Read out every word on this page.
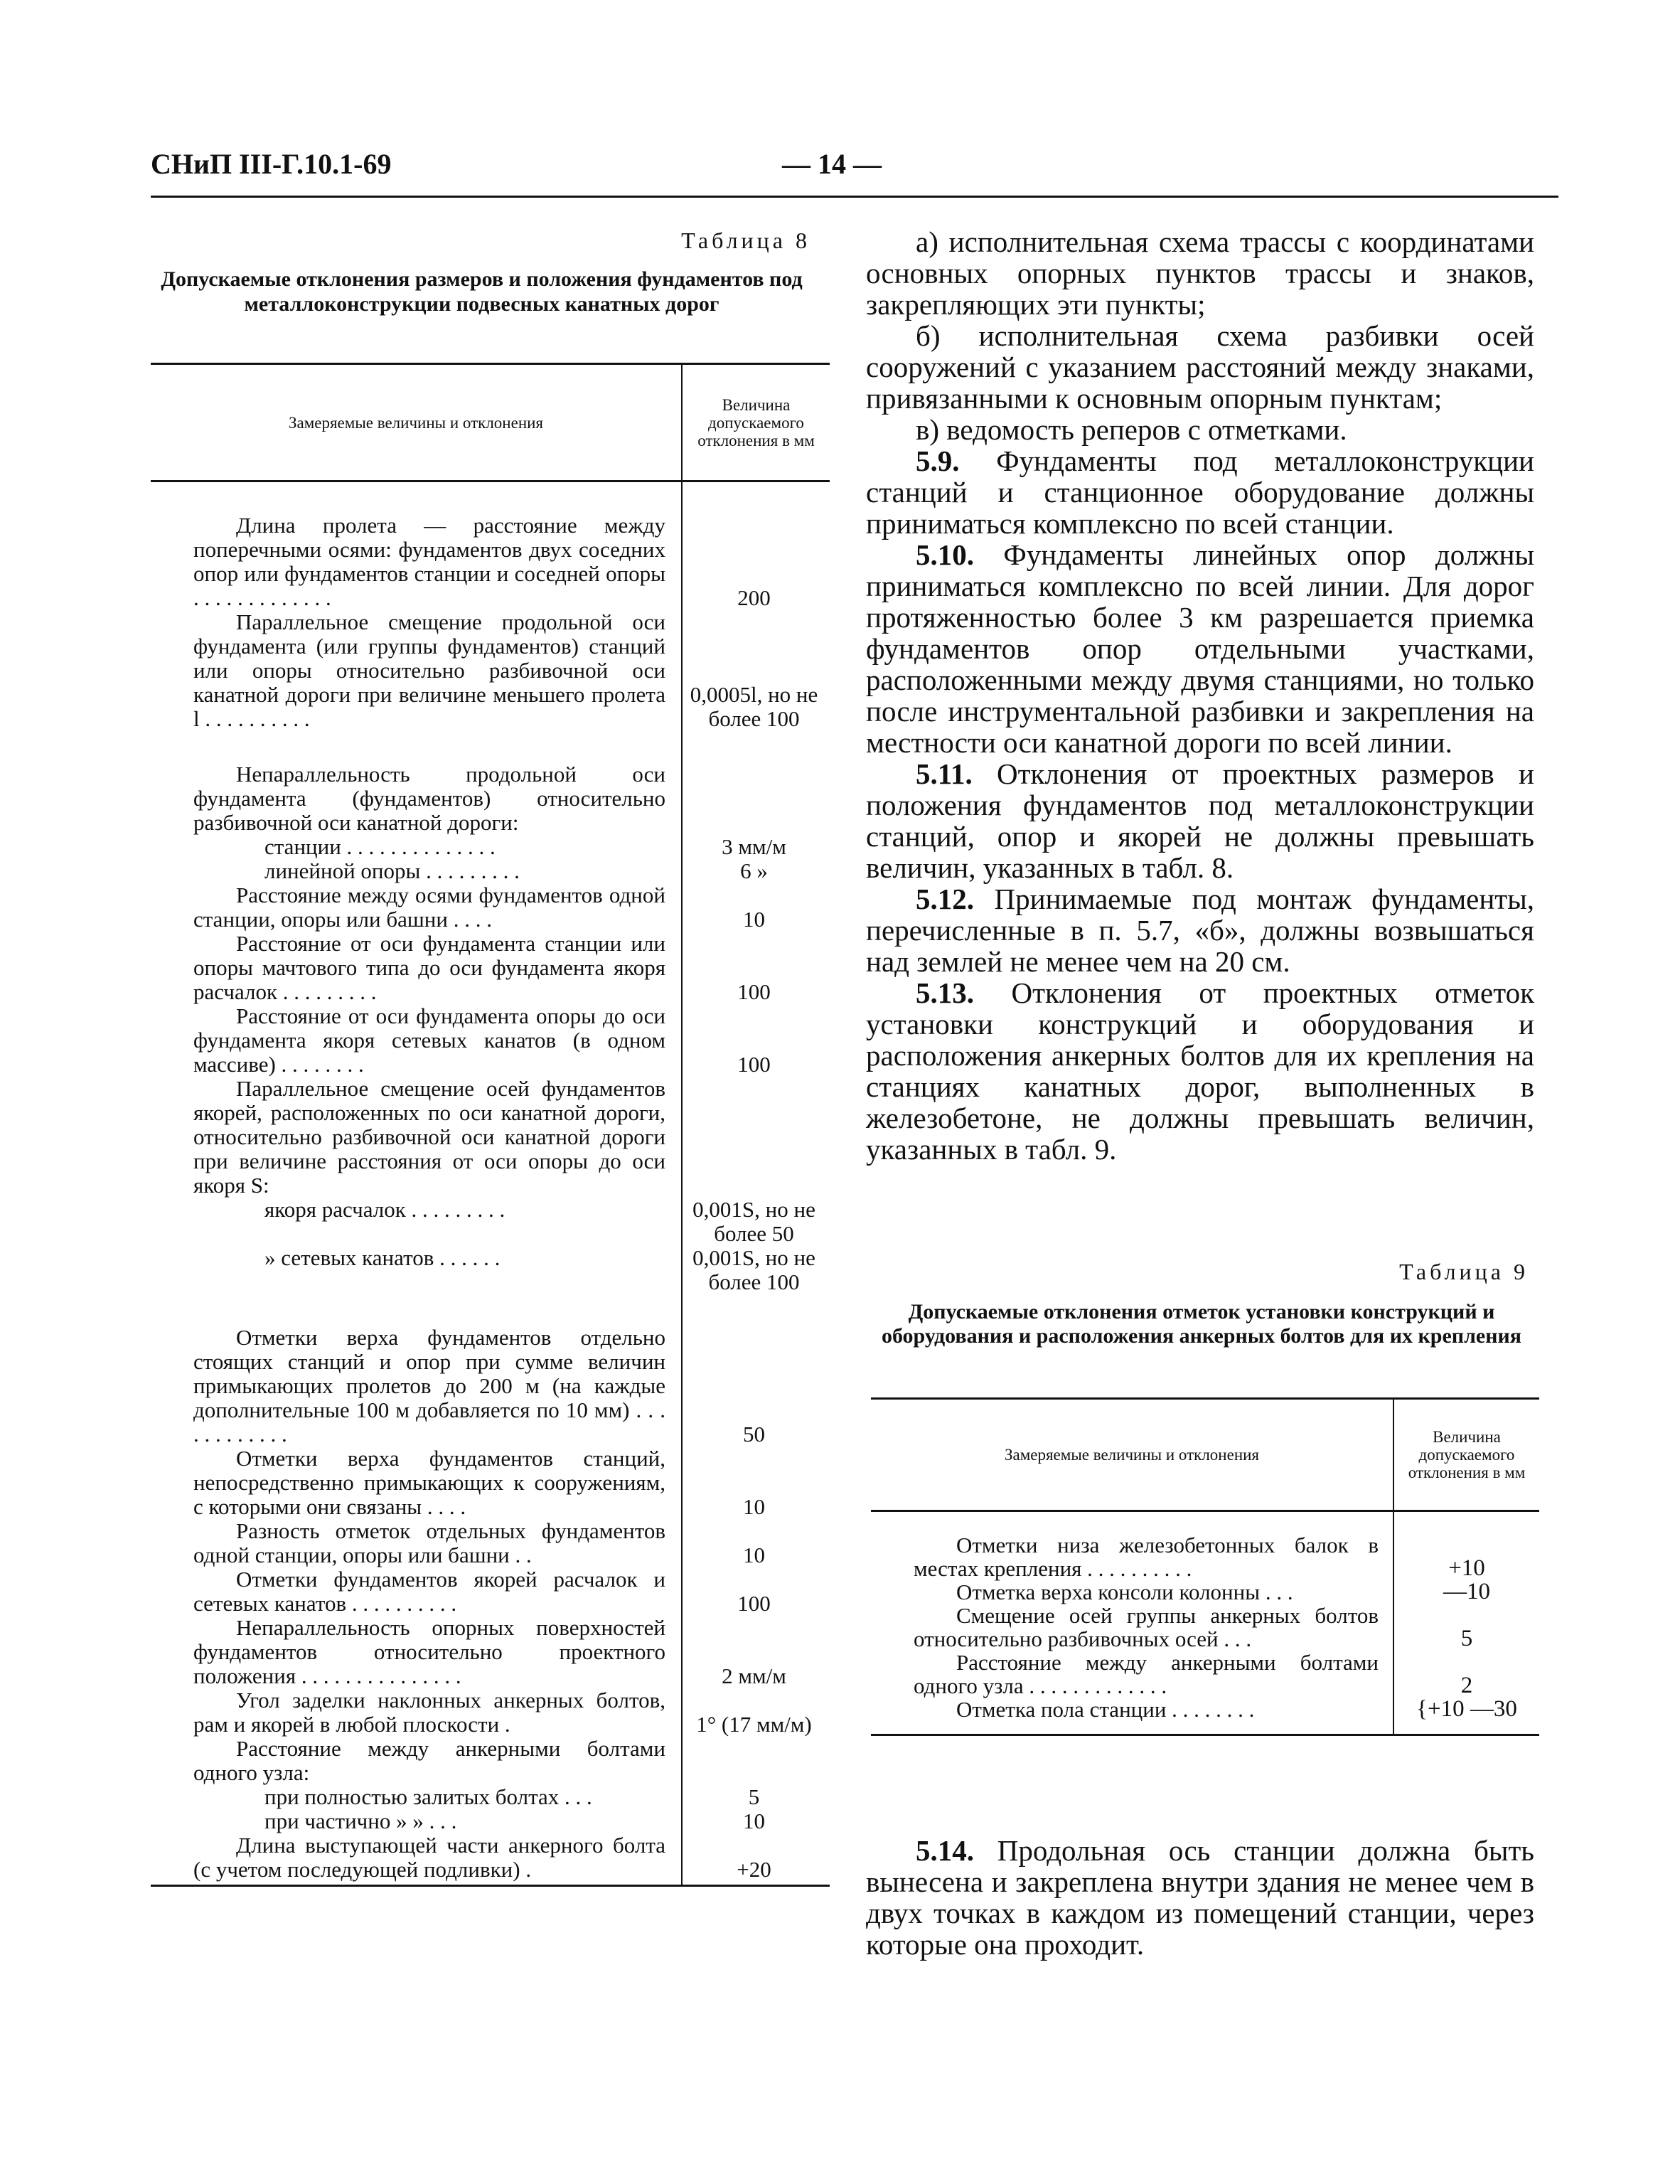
СНиП III-Г.10.1-69	— 14 —
Таблица 8
Допускаемые отклонения размеров и положения фундаментов под металлоконструкции подвесных канатных дорог
Замеряемые величины и отклонения	Величина допускаемого отклонения в мм

Длина пролета — расстояние между поперечными осями: фундаментов двух соседних опор или фундаментов станции и соседней опоры . . . . . . . . . . . . .	200
Параллельное смещение продольной оси фундамента (или группы фундаментов) станций или опоры относительно разбивочной оси канатной дороги при величине меньшего пролета l . . . . . . . . . .	0,0005l, но не более 100

Непараллельность продольной оси фундамента (фундаментов) относительно разбивочной оси канатной дороги:	
станции . . . . . . . . . . . . . .	3 мм/м
линейной опоры . . . . . . . . .	6 »
Расстояние между осями фундаментов одной станции, опоры или башни . . . .	10
Расстояние от оси фундамента станции или опоры мачтового типа до оси фундамента якоря расчалок . . . . . . . . .	100
Расстояние от оси фундамента опоры до оси фундамента якоря сетевых канатов (в одном массиве) . . . . . . . .	100
Параллельное смещение осей фундаментов якорей, расположенных по оси канатной дороги, относительно разбивочной оси канатной дороги при величине расстояния от оси опоры до оси якоря S:	
якоря расчалок . . . . . . . . .	0,001S, но не более 50
» сетевых канатов . . . . . .	0,001S, но не более 100

Отметки верха фундаментов отдельно стоящих станций и опор при сумме величин примыкающих пролетов до 200 м (на каждые дополнительные 100 м добавляется по 10 мм) . . . . . . . . . . . .	50
Отметки верха фундаментов станций, непосредственно примыкающих к сооружениям, с которыми они связаны . . . .	10
Разность отметок отдельных фундаментов одной станции, опоры или башни . .	10
Отметки фундаментов якорей расчалок и сетевых канатов . . . . . . . . . .	100
Непараллельность опорных поверхностей фундаментов относительно проектного положения . . . . . . . . . . . . . . .	2 мм/м
Угол заделки наклонных анкерных болтов, рам и якорей в любой плоскости .	1° (17 мм/м)
Расстояние между анкерными болтами одного узла:	
при полностью залитых болтах . . .	5
при частично » » . . .	10
Длина выступающей части анкерного болта (с учетом последующей подливки) .	+20

а) исполнительная схема трассы с координатами основных опорных пунктов трассы и знаков, закрепляющих эти пункты;

б) исполнительная схема разбивки осей сооружений с указанием расстояний между знаками, привязанными к основным опорным пунктам;

в) ведомость реперов с отметками.

5.9. Фундаменты под металлоконструкции станций и станционное оборудование должны приниматься комплексно по всей станции.

5.10. Фундаменты линейных опор должны приниматься комплексно по всей линии. Для дорог протяженностью более 3 км разрешается приемка фундаментов опор отдельными участками, расположенными между двумя станциями, но только после инструментальной разбивки и закрепления на местности оси канатной дороги по всей линии.

5.11. Отклонения от проектных размеров и положения фундаментов под металлоконструкции станций, опор и якорей не должны превышать величин, указанных в табл. 8.

5.12. Принимаемые под монтаж фундаменты, перечисленные в п. 5.7, «б», должны возвышаться над землей не менее чем на 20 см.

5.13. Отклонения от проектных отметок установки конструкций и оборудования и расположения анкерных болтов для их крепления на станциях канатных дорог, выполненных в железобетоне, не должны превышать величин, указанных в табл. 9.

Таблица 9
Допускаемые отклонения отметок установки конструкций и оборудования и расположения анкерных болтов для их крепления
Замеряемые величины и отклонения	Величина допускаемого отклонения в мм
Отметки низа железобетонных балок в местах крепления . . . . . . . . . .	+10
Отметка верха консоли колонны . . .	—10
Смещение осей группы анкерных болтов относительно разбивочных осей . . .	5
Расстояние между анкерными болтами одного узла . . . . . . . . . . . . .	2
Отметка пола станции . . . . . . . .	{+10 —30
5.14. Продольная ось станции должна быть вынесена и закреплена внутри здания не менее чем в двух точках в каждом из помещений станции, через которые она проходит.
